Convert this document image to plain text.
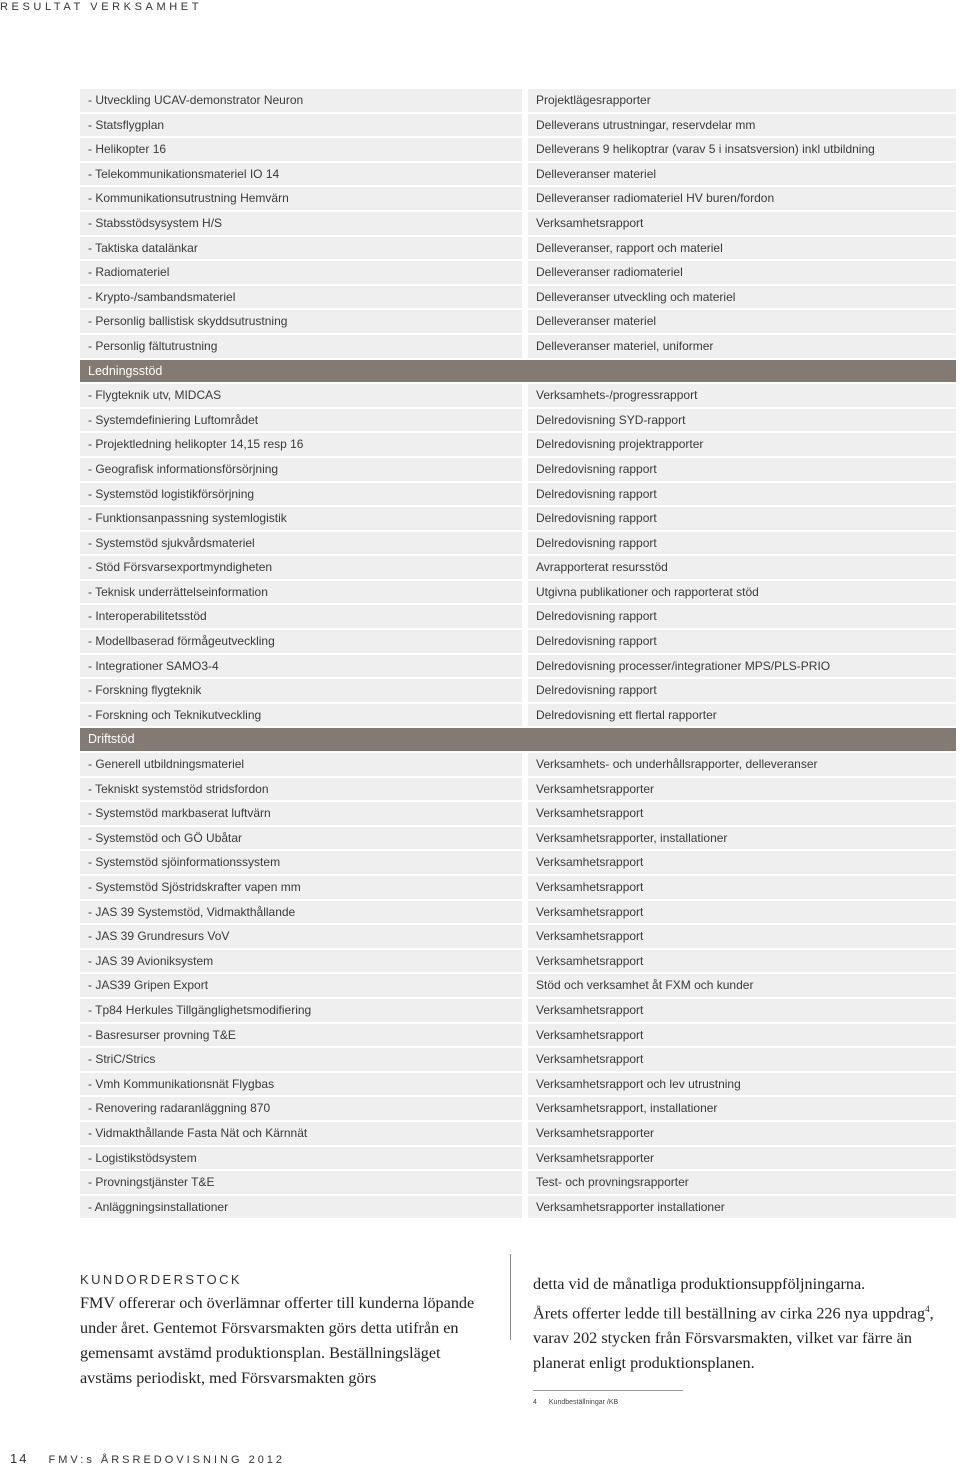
RESULTAT VERKSAMHET
- Utveckling UCAV-demonstrator Neuron	Projektlägesrapporter
- Statsflygplan	Delleverans utrustningar, reservdelar mm
- Helikopter 16	Delleverans 9 helikoptrar (varav 5 i insatsversion) inkl utbildning
- Telekommunikationsmateriel IO 14	Delleveranser materiel
- Kommunikationsutrustning Hemvärn	Delleveranser radiomateriel HV buren/fordon
- Stabsstödsysystem H/S	Verksamhetsrapport
- Taktiska datalänkar	Delleveranser, rapport och materiel
- Radiomateriel	Delleveranser radiomateriel
- Krypto-/sambandsmateriel	Delleveranser utveckling och materiel
- Personlig ballistisk skyddsutrustning	Delleveranser materiel
- Personlig fältutrustning	Delleveranser materiel, uniformer
Ledningsstöd	
- Flygteknik utv, MIDCAS	Verksamhets-/progressrapport
- Systemdefiniering Luftområdet	Delredovisning SYD-rapport
- Projektledning helikopter 14,15 resp 16	Delredovisning projektrapporter
- Geografisk informationsförsörjning	Delredovisning rapport
- Systemstöd logistikförsörjning	Delredovisning rapport
- Funktionsanpassning systemlogistik	Delredovisning rapport
- Systemstöd sjukvårdsmateriel	Delredovisning rapport
- Stöd Försvarsexportmyndigheten	Avrapporterat resursstöd
- Teknisk underrättelseinformation	Utgivna publikationer och rapporterat stöd
- Interoperabilitetsstöd	Delredovisning rapport
- Modellbaserad förmågeutveckling	Delredovisning rapport
- Integrationer SAMO3-4	Delredovisning processer/integrationer MPS/PLS-PRIO
- Forskning flygteknik	Delredovisning rapport
- Forskning och Teknikutveckling	Delredovisning ett flertal rapporter
Driftstöd	
- Generell utbildningsmateriel	Verksamhets- och underhållsrapporter, delleveranser
- Tekniskt systemstöd stridsfordon	Verksamhetsrapporter
- Systemstöd markbaserat luftvärn	Verksamhetsrapport
- Systemstöd och GÖ Ubåtar	Verksamhetsrapporter, installationer
- Systemstöd sjöinformationssystem	Verksamhetsrapport
- Systemstöd Sjöstridskrafter vapen mm	Verksamhetsrapport
- JAS 39 Systemstöd, Vidmakthållande	Verksamhetsrapport
- JAS 39 Grundresurs VoV	Verksamhetsrapport
- JAS 39 Avioniksystem	Verksamhetsrapport
- JAS39 Gripen Export	Stöd och verksamhet åt FXM och kunder
- Tp84 Herkules Tillgänglighetsmodifiering	Verksamhetsrapport
- Basresurser provning T&E	Verksamhetsrapport
- StriC/Strics	Verksamhetsrapport
- Vmh Kommunikationsnät Flygbas	Verksamhetsrapport och lev utrustning
- Renovering radaranläggning 870	Verksamhetsrapport, installationer
- Vidmakthållande Fasta Nät och Kärnnät	Verksamhetsrapporter
- Logistikstödsystem	Verksamhetsrapporter
- Provningstjänster T&E	Test- och provningsrapporter
- Anläggningsinstallationer	Verksamhetsrapporter installationer
KUNDORDERSTOCK
FMV offererar och överlämnar offerter till kunderna löpande under året. Gentemot Försvarsmakten görs detta utifrån en gemensamt avstämd produktionsplan. Beställningsläget avstäms periodiskt, med Försvarsmakten görs

detta vid de månatliga produktionsuppföljningarna.

Årets offerter ledde till beställning av cirka 226 nya uppdrag$^4$, varav 202 stycken från Försvarsmakten, vilket var färre än planerat enligt produktionsplanen.

4 Kundbeställningar /KB
14 FMV:s ÅRSREDOVISNING 2012
